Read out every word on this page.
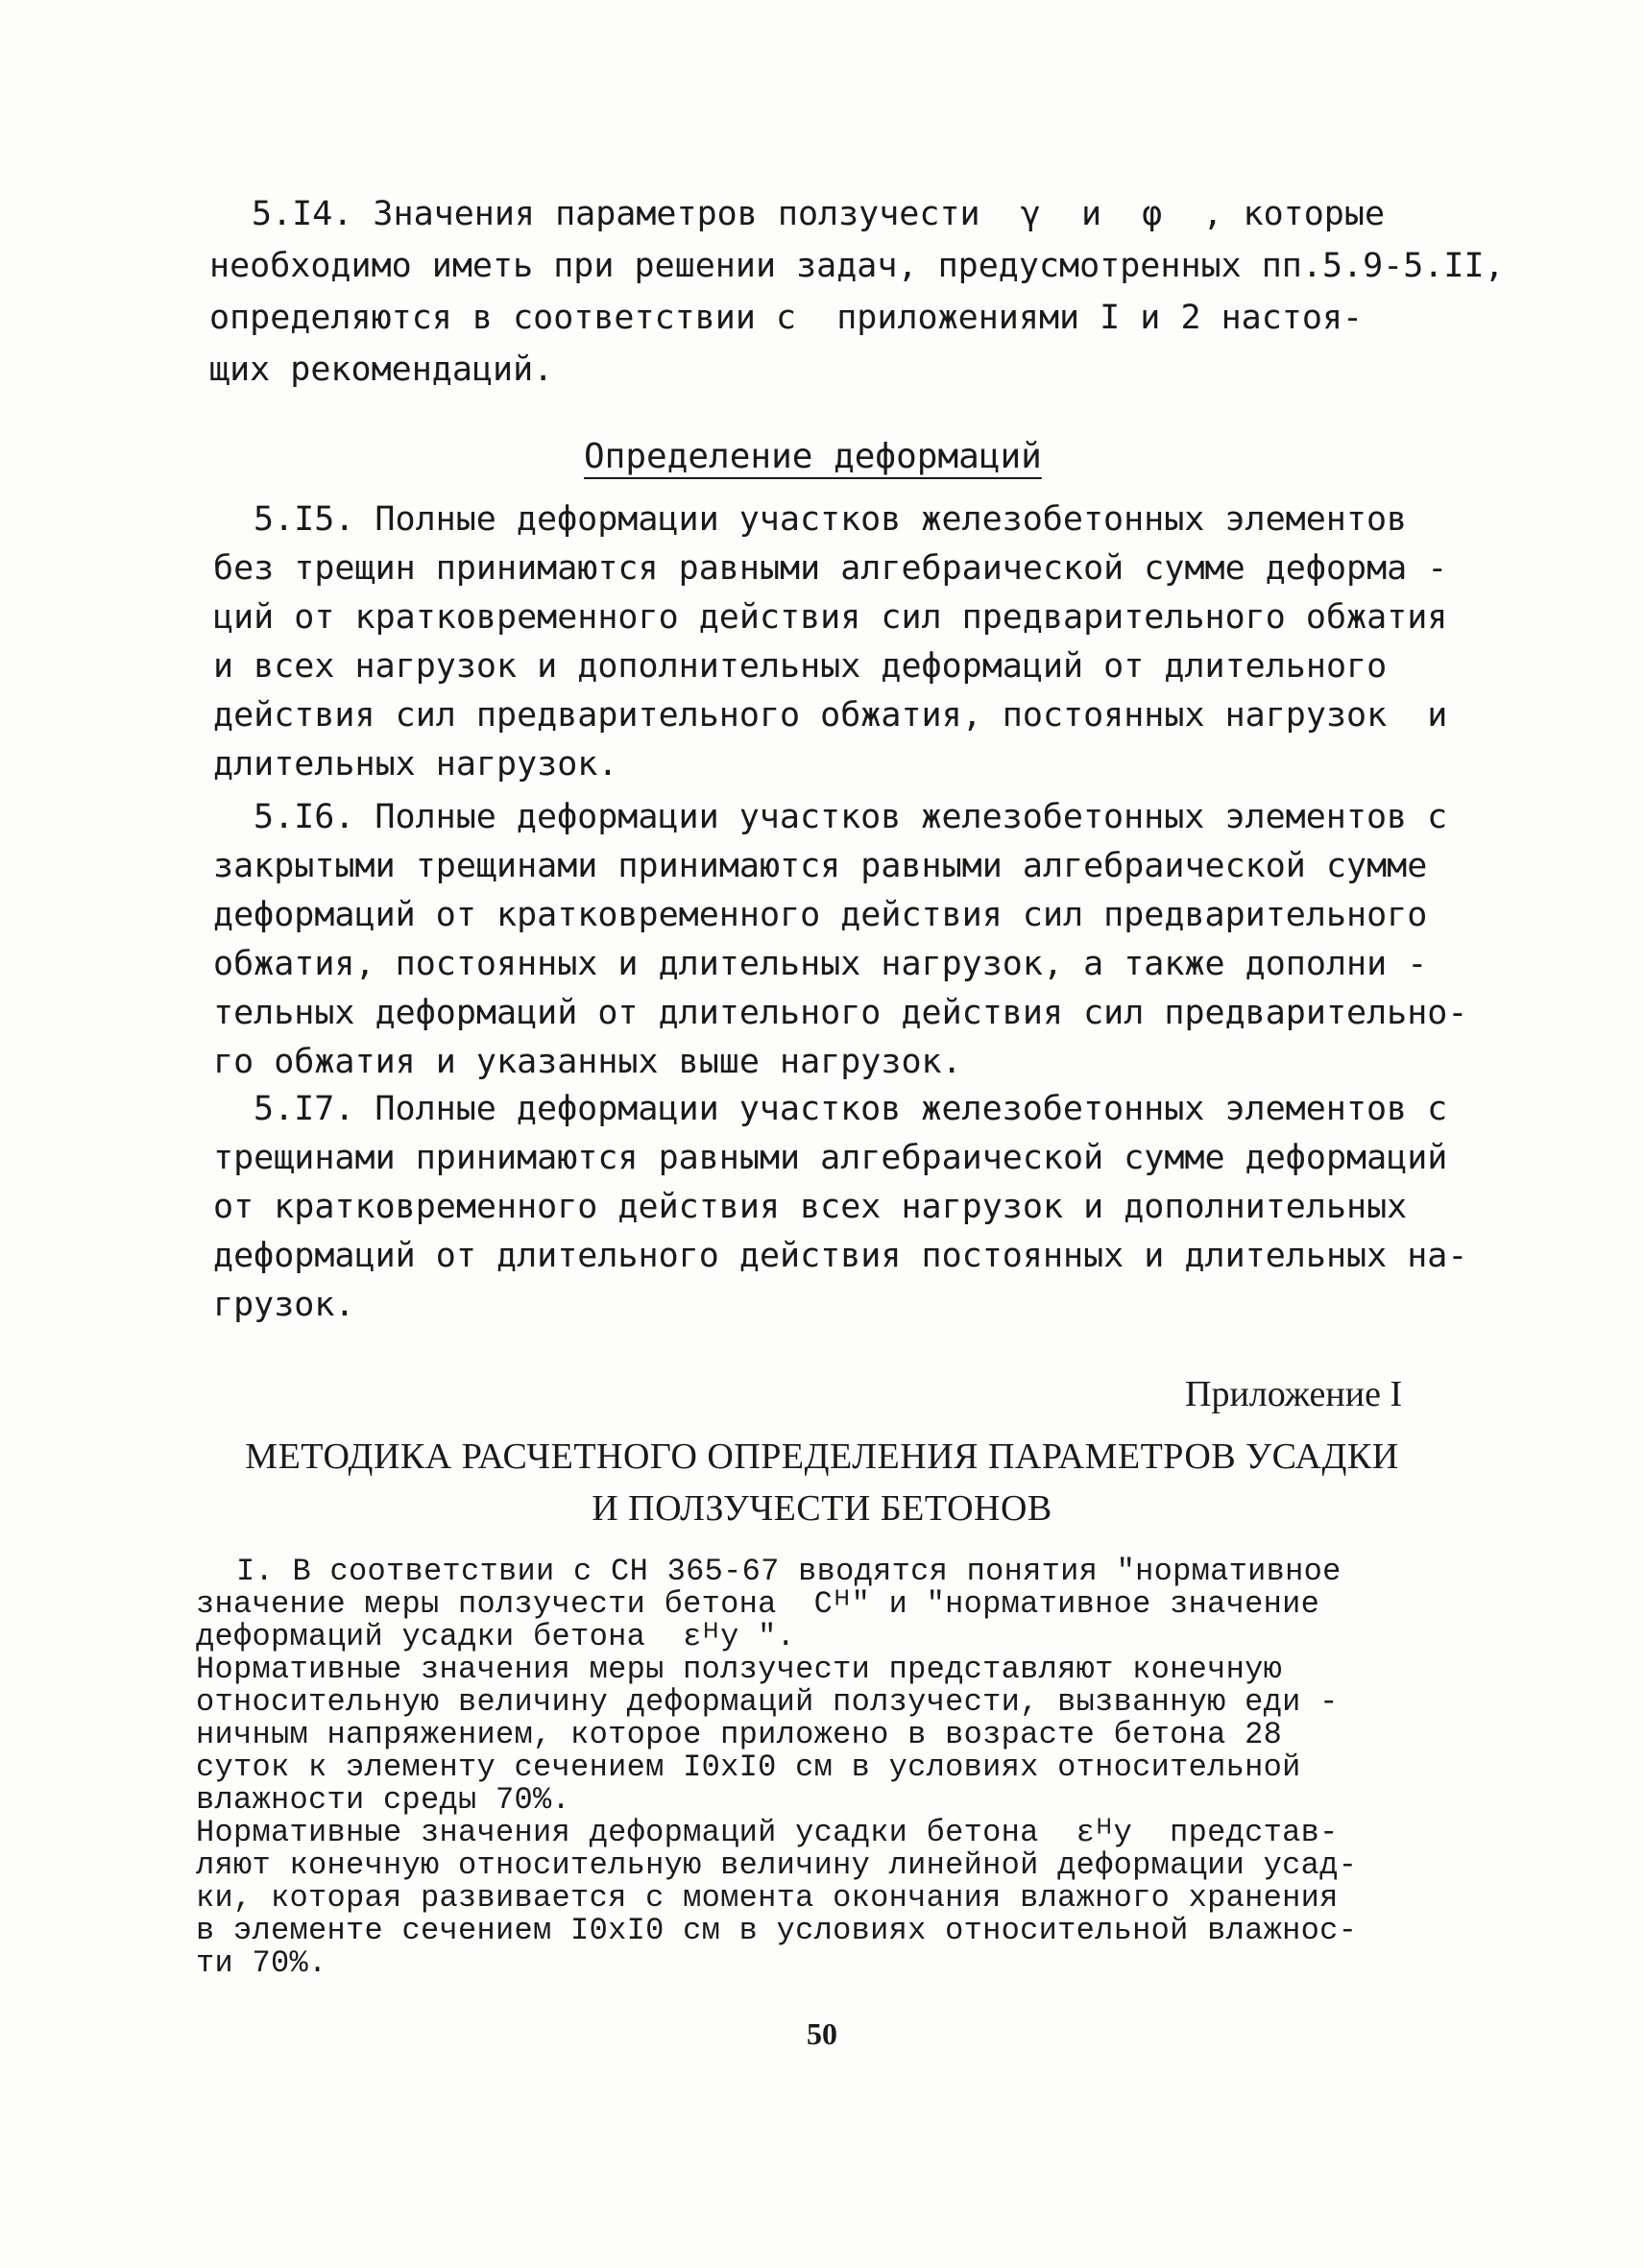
5.I4. Значения параметров ползучести  γ  и  φ  , которые
необходимо иметь при решении задач, предусмотренных пп.5.9-5.II,
определяются в соответствии с  приложениями I и 2 настоя-
щих рекомендаций.
Определение деформаций
5.I5. Полные деформации участков железобетонных элементов
без трещин принимаются равными алгебраической сумме деформа -
ций от кратковременного действия сил предварительного обжатия
и всех нагрузок и дополнительных деформаций от длительного
действия сил предварительного обжатия, постоянных нагрузок  и
длительных нагрузок.
5.I6. Полные деформации участков железобетонных элементов с
закрытыми трещинами принимаются равными алгебраической сумме
деформаций от кратковременного действия сил предварительного
обжатия, постоянных и длительных нагрузок, а также дополни -
тельных деформаций от длительного действия сил предварительно-
го обжатия и указанных выше нагрузок.
5.I7. Полные деформации участков железобетонных элементов с
трещинами принимаются равными алгебраической сумме деформаций
от кратковременного действия всех нагрузок и дополнительных
деформаций от длительного действия постоянных и длительных на-
грузок.
Приложение I
МЕТОДИКА РАСЧЕТНОГО ОПРЕДЕЛЕНИЯ ПАРАМЕТРОВ УСАДКИ
И ПОЛЗУЧЕСТИ БЕТОНОВ
I. В соответствии с СН 365-67 вводятся понятия "нормативное
значение меры ползучести бетона  Сᴴ" и "нормативное значение
деформаций усадки бетона  εᴴу ".
Нормативные значения меры ползучести представляют конечную
относительную величину деформаций ползучести, вызванную еди -
ничным напряжением, которое приложено в возрасте бетона 28
суток к элементу сечением I0xI0 см в условиях относительной
влажности среды 70%.
Нормативные значения деформаций усадки бетона  εᴴу  представ-
ляют конечную относительную величину линейной деформации усад-
ки, которая развивается с момента окончания влажного хранения
в элементе сечением I0xI0 см в условиях относительной влажнос-
ти 70%.
50
